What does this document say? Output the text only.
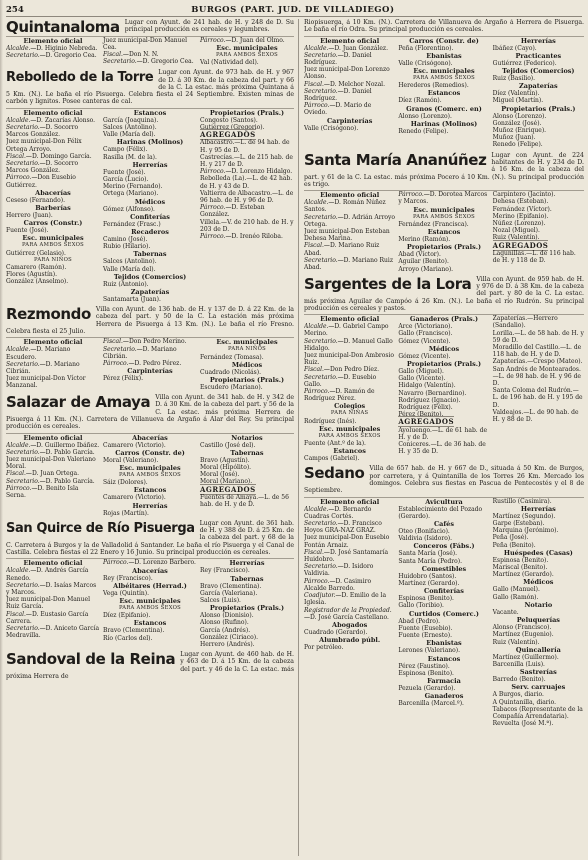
254	BURGOS (PART. JUD. DE VILLADIEGO)
Quintanaloma Lugar con Ayunt. de 241 hab. de H. y 248 de D. Su principal producción es cereales y legumbres.
Elemento oficial
Alcalde.—D. Higinio Nebreda.
Secretario.—D. Gregorio Cea.
Juez municipal-Don Manuel Cea.
Fiscal.—Don N. N.
Secretario.—D. Gregorio Cea.
Párroco.—D. Juan del Olmo.
Esc. municipales
PARA AMBOS SEXOS
Val (Natividad del).
Rebolledo de la Torre Lugar con Ayunt. de 973 hab. de H. y 967 de D. á 30 Km. de la cabeza del part. y 66 de la C. La estac. más próxima Quintana á 5 Km. (N.). Le baña el río Pisuerga. Celebra fiesta el 24 Septiembre. Existen minas de carbón y lignitos. Posee canteras de cal.
Elemento oficial
Alcalde.—D. Zacarías Alonso.
Secretario.—D. Socorro Marcos González.
Juez municipal-Don Félix Ortega Arroyo.
Fiscal.—D. Domingo García.
Secretario.—D. Socorro Marcos González.
Párroco.—Don Eusebio Gutiérrez.
Abacerías
Ceseso (Fernando).
Barberías
Herrero (Juan).
Carros (Constr.)
Fuente (José).
Esc. municipales
PARA AMBOS SEXOS
Gutiérrez (Gelasio).
PARA NIÑOS
Camarero (Ramón).
Flores (Agustín).
González (Anselmo).
Estancos
García (Joaquina).
Salces (Antolino).
Valle (María del).
Harinas (Molinos)
Campo (Félix).
Rasilla (M. de la).
Herrerías
Fuente (José).
García (Lucio).
Merino (Fernando).
Ortega (Mariano).
Médicos
Gómez (Alfonso).
Confiterías
Fernández (Frasc.)
Recaderos
Camino (José).
Rubio (Hilario).
Tabernas
Salces (Antolino).
Valle (María del).
Tejidos (Comercios)
Ruiz (Antonio).
Zapaterías
Santamarta (Juan).
Propietarios (Prals.)
Congosto (Santos).
Gutiérrez (Gregorio).
AGREGADOS
Albacastro.—L. de 94 hab. de H. y 95 de D.
Castrecías.—L. de 215 hab. de H. y 217 de D.
Párroco.—D. Lorenzo Hidalgo.
Rebolleda (La).—L. de 42 hab. de H. y 43 de D.
Valtierra de Albacastro.—L. de 96 hab. de H. y 96 de D.
Párroco.—D. Esteban González.
Villela.—V. de 210 hab. de H. y 203 de D.
Párroco.—D. Irenéo Riloba.
Rezmondo Villa con Ayunt. de 136 hab. de H. y 137 de D. á 22 Km. de la cabeza del part. y 50 de la C. La estación más próxima Herrera de Pisuerga á 13 Km. (N.). Le baña el río Fresno. Celebra fiesta el 25 Julio.
Elemento oficial
Alcalde.—D. Mariano Escudero.
Secretario.—D. Mariano Cibrián.
Juez municipal-Don Víctor Manzanal.
Fiscal.—Don Pedro Merino.
Secretario.—D. Mariano Cibrián.
Párroco.—D. Pedro Pérez.
Carpinterías
Pérez (Félix).
Esc. municipales
PARA NIÑOS
Fernández (Tomasa).
Médicos
Cuadrado (Nicolás).
Propietarios (Prals.)
Escudero (Mariano).
Salazar de Amaya Villa con Ayunt. de 341 hab. de H. y 342 de D. á 30 Km. de la cabeza del part. y 56 de la C. La estac. más próxima Herrera de Pisuerga á 11 Km. (N.). Carretera de Villanueva de Argaño á Alar del Rey. Su principal producción es cereales.
Elemento oficial
Alcalde.—D. Guillermo Ibáñez.
Secretario.—D. Pablo García.
Juez municipal-Don Valeriano Moral.
Fiscal.—D. Juan Ortega.
Secretario.—D. Pablo García.
Párroco.—D. Benito Isla Serna.
Abacerías
Camarero (Victorio).
Carros (Constr. de)
Moral (Valeriano).
Esc. municipales
PARA AMBOS SEXOS
Sáiz (Dolores).
Estancos
Camarero (Victorio).
Herrerías
Rojas (Martín).
Notarios
Castillo (José del).
Tabernas
Bravo (Agustín).
Moral (Hipólito).
Moral (José).
Moral (Mariano).
AGREGADOS
Fuentes de Amaya.—L. de 56 hab. de H. y de D.
San Quirce de Río Pisuerga Lugar con Ayunt. de 361 hab. de H. y 388 de D. á 25 Km. de la cabeza del part. y 68 de la C. Carretera á Burgos y la de Valladolid á Santander. Le baña el río Pisuerga y el Canal de Castilla. Celebra fiestas el 22 Enero y 16 Junio. Su principal producción es cereales.
Elemento oficial
Alcalde.—D. Andrés García Renedo.
Secretario.—D. Isaías Marcos y Marcos.
Juez municipal-Don Manuel Ruiz García.
Fiscal.—D. Eustasio García Carrera.
Secretario.—D. Aniceto García Medravilla.
Párroco.—D. Lorenzo Barbero.
Abacerías
Rey (Francisco).
Albéitares (Herrad.)
Vega (Quintín).
Esc. municipales
PARA AMBOS SEXOS
Díez (Epifanio).
Estancos
Bravo (Clementina).
Río (Carlos del).
Herrerías
Rey (Francisco).
Tabernas
Bravo (Clementina).
García (Valeriana).
Salces (Luis).
Propietarios (Prals.)
Alonso (Dionisio).
Alonso (Rufino).
García (Andrés).
González (Ciriaco).
Herrero (Andrés).
Sandoval de la Reina Lugar con Ayunt. de 460 hab. de H. y 463 de D. á 15 Km. de la cabeza del part. y 46 de la C. La estac. más próxima Herrera de
Riopisuerga, á 10 Km. (N.). Carretera de Villanueva de Argaño á Herrera de Pisuerga. Le baña el río Odra. Su principal producción es cereales.
Elemento oficial
Alcalde.—D. Juan González.
Secretario.—D. Daniel Rodríguez.
Juez municipal-Don Lorenzo Alonso.
Fiscal.—D. Melchor Nozal.
Secretario.—D. Daniel Rodríguez.
Párroco.—D. Mario de Oviedo.
Carpinterías
Valle (Crisógono).
Carros (Constr. de)
Peña (Florentino).
Ebanistas
Valle (Crisógono).
Esc. municipales
PARA AMBOS SEXOS
Herederos (Remedios).
Estancos
Díez (Ramón).
Granos (Comerc. en)
Alonso (Lorenzo).
Harinas (Molinos)
Renedo (Felipe).
Herrerías
Ibáñez (Cayo).
Practicantes
Gutiérrez (Federico).
Tejidos (Comercios)
Ruiz (Basilio).
Zapaterías
Díez (Valentín).
Miguel (Martín).
Propietarios (Prals.)
Alonso (Lorenzo).
González (José).
Muñoz (Enrique).
Muñoz (Juan).
Renedo (Felipe).
Santa María Ananúñez Lugar con Ayunt. de 224 habitantes de H. y 234 de D. á 16 Km. de la cabeza del part. y 61 de la C. La estac. más próxima Pocero á 10 Km. (N.). Su principal producción es trigo.
Elemento oficial
Alcalde.—D. Román Núñez Santos.
Secretario.—D. Adrián Arroyo Ortega.
Juez municipal-Don Esteban Dehesa Marina.
Fiscal.—D. Mariano Ruiz Abad.
Secretario.—D. Mariano Ruiz Abad.
Párroco.—D. Dorotea Marcos y Marcos.
Esc. municipales
PARA AMBOS SEXOS
Fernández (Francisca).
Estancos
Merino (Ramón).
Propietarios (Prals.)
Abad (Víctor).
Aguilar (Benito).
Arroyo (Mariano).
Carpintero (Jacinto).
Dehesa (Esteban).
Fernández (Víctor).
Merino (Epifanio).
Núñez (Lorenzo).
Nozal (Miguel).
Ruiz (Valentín).
AGREGADOS
Lagunillas.—L. de 116 hab. de H. y 118 de D.
Sargentes de la Lora Villa con Ayunt. de 959 hab. de H. y 976 de D. á 38 Km. de la cabeza del part. y 80 de la C. La estac. más próxima Aguilar de Campóo á 26 Km. (N.). Le baña el río Rudrón. Su principal producción es cereales y pastos.
Elemento oficial
Alcalde.—D. Gabriel Campo Merino.
Secretario.—D. Manuel Gallo Hidalgo.
Juez municipal-Don Ambrosio Ruiz.
Fiscal.—Don Pedro Díez.
Secretario.—D. Eusebio Gallo.
Párroco.—D. Ramón de Rodríguez Pérez.
Colegios
PARA NIÑAS
Rodríguez (Inés).
Esc. municipales
PARA AMBOS SEXOS
Fuente (Ant.º de la).
Estancos
Campos (Gabriel).
Ganaderos (Prals.)
Arce (Victoriano).
Gallo (Francisco).
Gómez (Vicente).
Médicos
Gómez (Vicente).
Propietarios (Prals.)
Gallo (Miguel).
Gallo (Vicente).
Hidalgo (Valentín).
Navarro (Bernardino).
Rodríguez (Ignacio).
Rodríguez (Félix).
Pérez (Benito).
AGREGADOS
Ayoluengo.—L. de 61 hab. de H. y de D.
Coniceres.—L. de 36 hab. de H. y 35 de D.
Zapaterías.—Herrero (Sandalio).
Lorilla.—L. de 58 hab. de H. y 59 de D.
Moradillo del Castillo.—L. de 118 hab. de H. y de D.
Zapaterías.—Crespo (Mateo).
San Andrés de Montearados.—L. de 98 hab. de H. y 96 de D.
Santa Coloma del Rudrón.—L. de 196 hab. de H. y 195 de D.
Valdeajos.—L. de 90 hab. de H. y 88 de D.
Sedano Villa de 657 hab. de H. y 667 de D., situada á 50 Km. de Burgos, por carretera, y á Quintanilla de los Torres 26 Km. Mercado los domingos. Celebra sus fiestas en Pascua de Pentecostés y el 8 de Septiembre.
Elemento oficial
Alcalde.—D. Bernardo Cuadras Cortés.
Secretario.—D. Francisco Hoyos GRA-NAZ GRAZ.
Juez municipal-Don Eusebio Fontán Arnaiz.
Fiscal.—D. José Santamaría Huidobro.
Secretario.—D. Isidoro Valdivia.
Párroco.—D. Casimiro Alcalde Barredo.
Coadjutor.—D. Emilio de la Iglesia.
Registrador de la Propiedad.—D. José García Castellano.
Abogados
Cuadrado (Gerardo).
Alumbrado públ.
Por petróleo.
Avicultura
Establecimiento del Pozado (Gerardo).
Cafés
Oteo (Bonifacio).
Valdivia (Isidoro).
Conceros (Fábs.)
Santa María (José).
Santa María (Pedro).
Comestibles
Huidobro (Santos).
Martínez (Gerardo).
Confiterías
Espinosa (Benito).
Gallo (Toribio).
Curtidos (Comerc.)
Abad (Pedro).
Fuente (Eusebio).
Fuente (Ernesto).
Ebanistas
Lerones (Valeriano).
Estancos
Pérez (Faustino).
Espinosa (Benito).
Farmacia
Pezuela (Gerardo).
Ganaderos
Barcenilla (Marcel.º).
Rustillo (Casimira).
Herrerías
Martínez (Segundo).
Garpe (Esteban).
Marquina (Jerónimo).
Peña (José).
Peña (Benito).
Huéspedes (Casas)
Espinosa (Benito).
Mariscal (Benito).
Martínez (Gerardo).
Médicos
Gallo (Manuel).
Gallo (Ramón).
Notario
Vacante.
Peluquerías
Alonso (Francisco).
Martínez (Eugenio).
Ruiz (Valentín).
Quincallería
Martínez (Guillermo).
Barcenilla (Luis).
Sastrerías
Barredo (Benito).
Serv. carruajes
A Burgos, diario.
A Quintanilla, diario.
Tabacos (Representante de la Compañía Arrendataria).
Revuelta (José M.ª).
